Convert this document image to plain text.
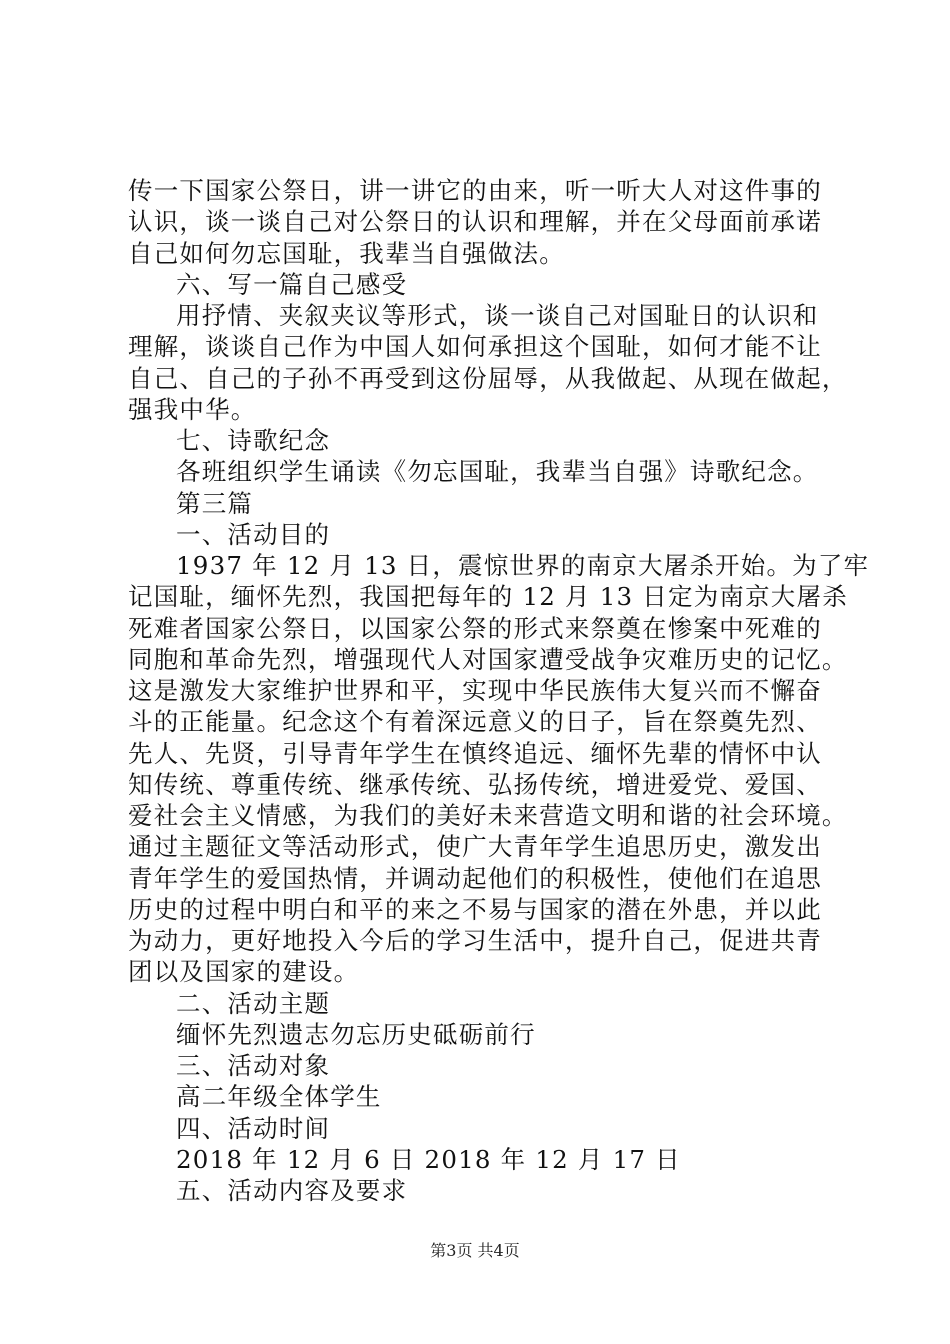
传一下国家公祭日，讲一讲它的由来，听一听大人对这件事的
认识，谈一谈自己对公祭日的认识和理解，并在父母面前承诺
自己如何勿忘国耻，我辈当自强做法。
六、写一篇自己感受
用抒情、夹叙夹议等形式，谈一谈自己对国耻日的认识和
理解，谈谈自己作为中国人如何承担这个国耻，如何才能不让
自己、自己的子孙不再受到这份屈辱，从我做起、从现在做起，
强我中华。
七、诗歌纪念
各班组织学生诵读《勿忘国耻，我辈当自强》诗歌纪念。
第三篇
一、活动目的
1937 年 12 月 13 日，震惊世界的南京大屠杀开始。为了牢
记国耻，缅怀先烈，我国把每年的 12 月 13 日定为南京大屠杀
死难者国家公祭日，以国家公祭的形式来祭奠在惨案中死难的
同胞和革命先烈，增强现代人对国家遭受战争灾难历史的记忆。
这是激发大家维护世界和平，实现中华民族伟大复兴而不懈奋
斗的正能量。纪念这个有着深远意义的日子，旨在祭奠先烈、
先人、先贤，引导青年学生在慎终追远、缅怀先辈的情怀中认
知传统、尊重传统、继承传统、弘扬传统，增进爱党、爱国、
爱社会主义情感，为我们的美好未来营造文明和谐的社会环境。
通过主题征文等活动形式，使广大青年学生追思历史，激发出
青年学生的爱国热情，并调动起他们的积极性，使他们在追思
历史的过程中明白和平的来之不易与国家的潜在外患，并以此
为动力，更好地投入今后的学习生活中，提升自己，促进共青
团以及国家的建设。
二、活动主题
缅怀先烈遗志勿忘历史砥砺前行
三、活动对象
高二年级全体学生
四、活动时间
2018 年 12 月 6 日 2018 年 12 月 17 日
五、活动内容及要求
第3页 共4页
